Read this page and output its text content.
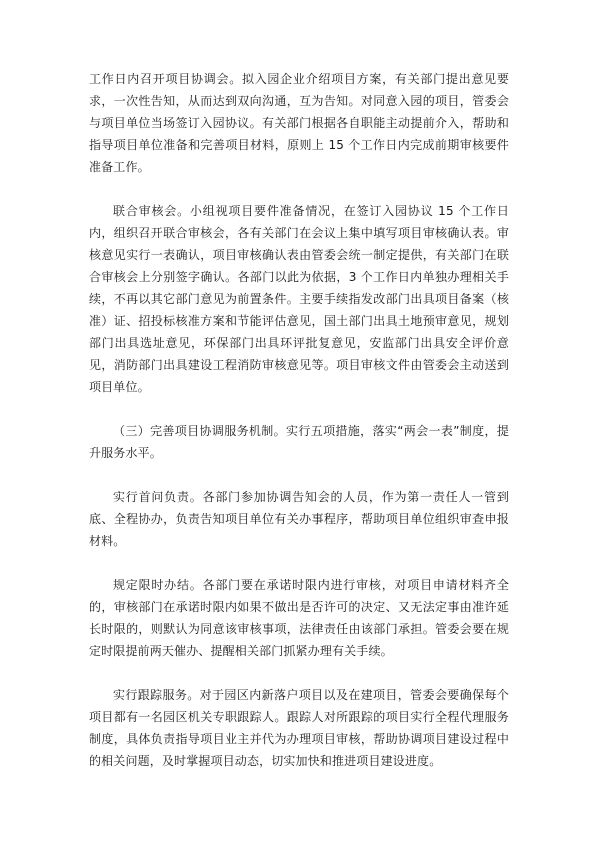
工作日内召开项目协调会。拟入园企业介绍项目方案，有关部门提出意见要求，一次性告知，从而达到双向沟通，互为告知。对同意入园的项目，管委会与项目单位当场签订入园协议。有关部门根据各自职能主动提前介入，帮助和指导项目单位准备和完善项目材料，原则上 15 个工作日内完成前期审核要件准备工作。

联合审核会。小组视项目要件准备情况，在签订入园协议 15 个工作日内，组织召开联合审核会，各有关部门在会议上集中填写项目审核确认表。审核意见实行一表确认，项目审核确认表由管委会统一制定提供，有关部门在联合审核会上分别签字确认。各部门以此为依据，3 个工作日内单独办理相关手续，不再以其它部门意见为前置条件。主要手续指发改部门出具项目备案（核准）证、招投标核准方案和节能评估意见，国土部门出具土地预审意见，规划部门出具选址意见，环保部门出具环评批复意见，安监部门出具安全评价意见，消防部门出具建设工程消防审核意见等。项目审核文件由管委会主动送到项目单位。

（三）完善项目协调服务机制。实行五项措施，落实“两会一表”制度，提升服务水平。

实行首问负责。各部门参加协调告知会的人员，作为第一责任人一管到底、全程协办，负责告知项目单位有关办事程序，帮助项目单位组织审查申报材料。

规定限时办结。各部门要在承诺时限内进行审核，对项目申请材料齐全的，审核部门在承诺时限内如果不做出是否许可的决定、又无法定事由准许延长时限的，则默认为同意该审核事项，法律责任由该部门承担。管委会要在规定时限提前两天催办、提醒相关部门抓紧办理有关手续。

实行跟踪服务。对于园区内新落户项目以及在建项目，管委会要确保每个项目都有一名园区机关专职跟踪人。跟踪人对所跟踪的项目实行全程代理服务制度，具体负责指导项目业主并代为办理项目审核，帮助协调项目建设过程中的相关问题，及时掌握项目动态，切实加快和推进项目建设进度。
